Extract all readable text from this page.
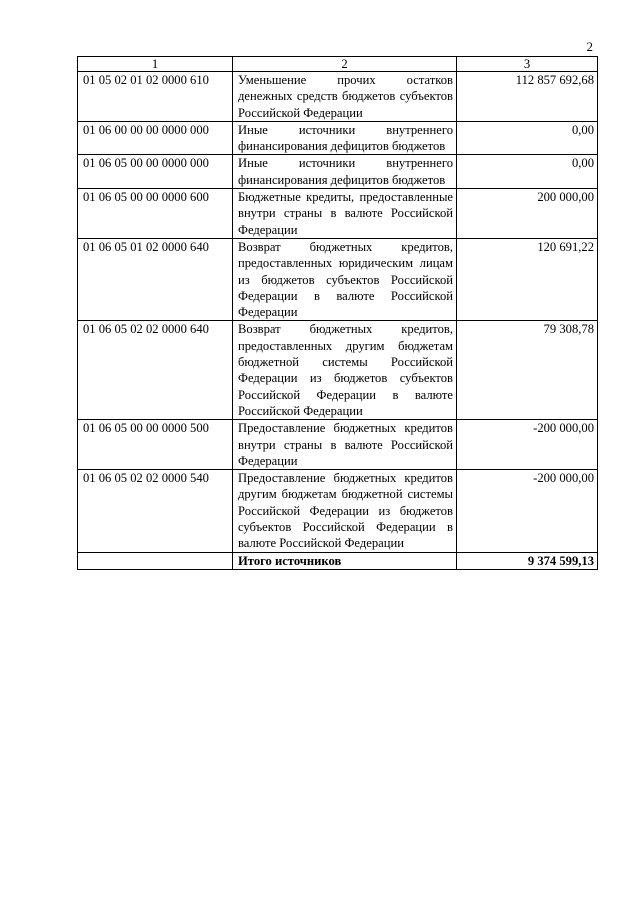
2
1	2	3
01 05 02 01 02 0000 610	Уменьшение прочих остатков денежных средств бюджетов субъектов Российской Федерации	112 857 692,68
01 06 00 00 00 0000 000	Иные источники внутреннего финансирования дефицитов бюджетов	0,00
01 06 05 00 00 0000 000	Иные источники внутреннего финансирования дефицитов бюджетов	0,00
01 06 05 00 00 0000 600	Бюджетные кредиты, предоставленные внутри страны в валюте Российской Федерации	200 000,00
01 06 05 01 02 0000 640	Возврат бюджетных кредитов, предоставленных юридическим лицам из бюджетов субъектов Российской Федерации в валюте Российской Федерации	120 691,22
01 06 05 02 02 0000 640	Возврат бюджетных кредитов, предоставленных другим бюджетам бюджетной системы Российской Федерации из бюджетов субъектов Российской Федерации в валюте Российской Федерации	79 308,78
01 06 05 00 00 0000 500	Предоставление бюджетных кредитов внутри страны в валюте Российской Федерации	-200 000,00
01 06 05 02 02 0000 540	Предоставление бюджетных кредитов другим бюджетам бюджетной системы Российской Федерации из бюджетов субъектов Российской Федерации в валюте Российской Федерации	-200 000,00
	Итого источников	9 374 599,13
